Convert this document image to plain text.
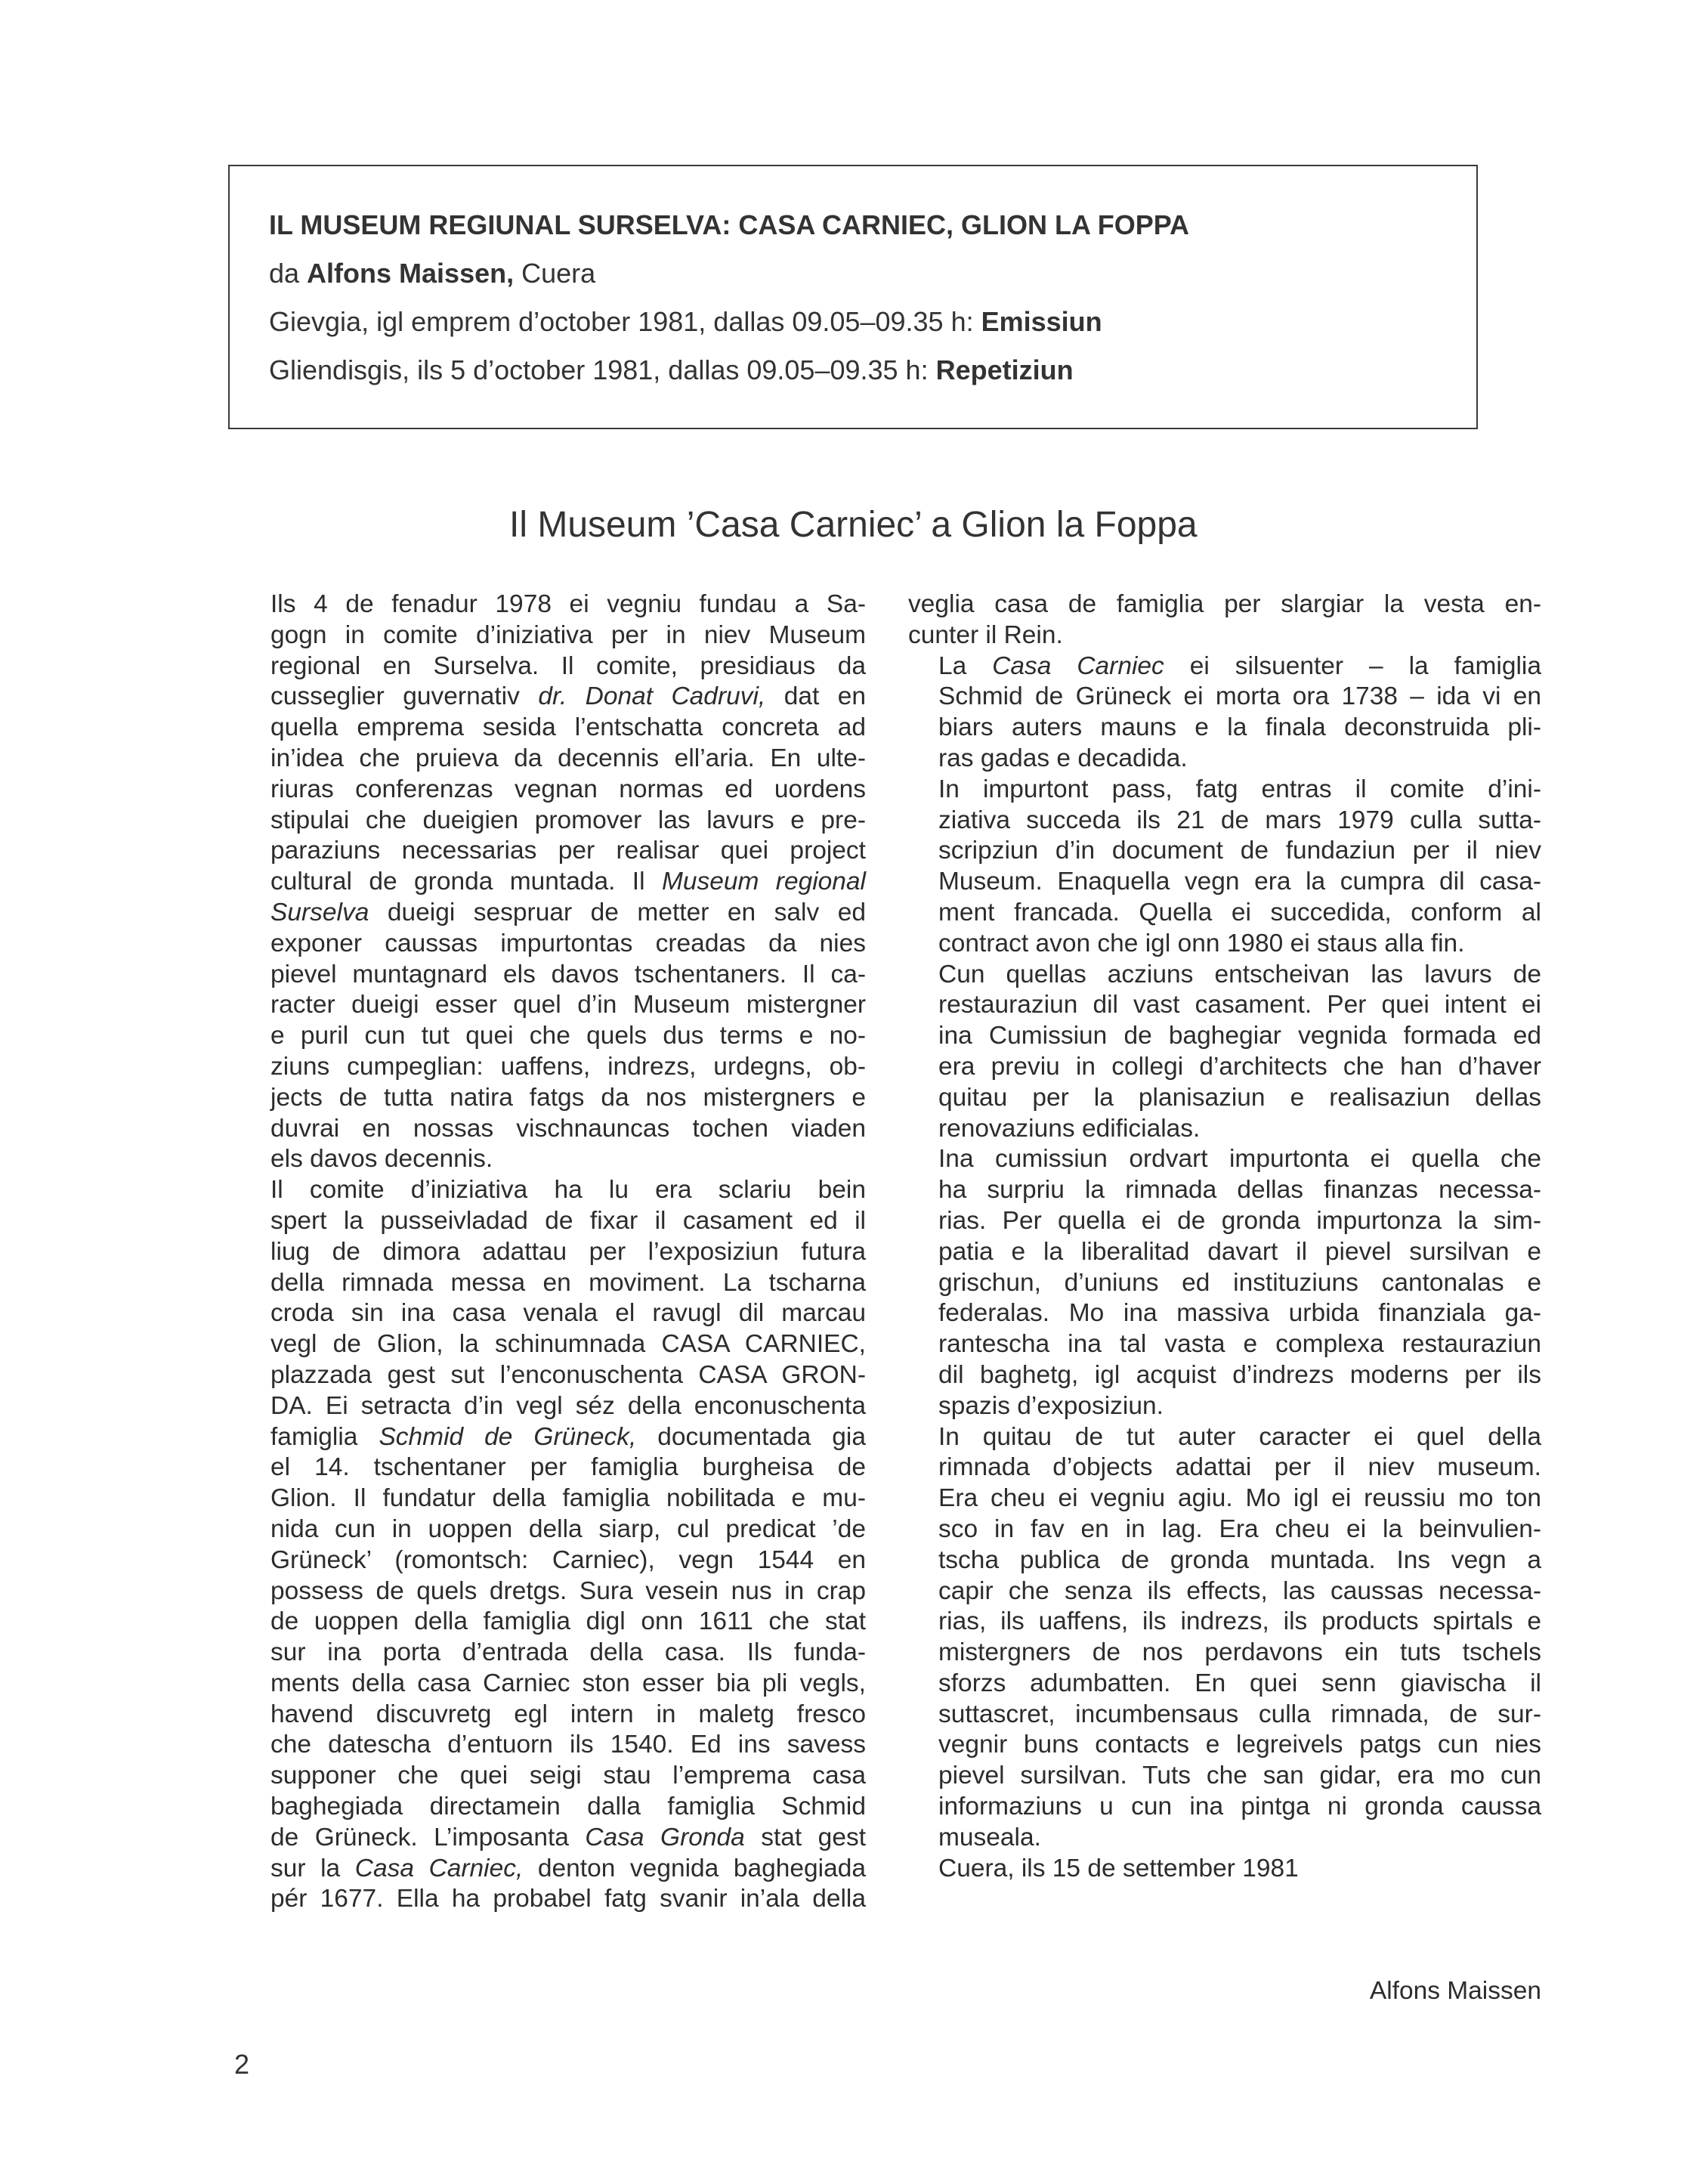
IL MUSEUM REGIUNAL SURSELVA: CASA CARNIEC, GLION LA FOPPA
da Alfons Maissen, Cuera
Gievgia, igl emprem d’october 1981, dallas 09.05–09.35 h: Emissiun
Gliendisgis, ils 5 d’october 1981, dallas 09.05–09.35 h: Repetiziun
Il Museum ’Casa Carniec’ a Glion la Foppa

Ils 4 de fenadur 1978 ei vegniu fundau a Sa-
gogn in comite d’iniziativa per in niev Museum
regional en Surselva. Il comite, presidiaus da
cusseglier guvernativ dr. Donat Cadruvi, dat en
quella emprema sesida l’entschatta concreta ad
in’idea che pruieva da decennis ell’aria. En ulte-
riuras conferenzas vegnan normas ed uordens
stipulai che dueigien promover las lavurs e pre-
paraziuns necessarias per realisar quei project
cultural de gronda muntada. Il Museum regional
Surselva dueigi sespruar de metter en salv ed
exponer caussas impurtontas creadas da nies
pievel muntagnard els davos tschentaners. Il ca-
racter dueigi esser quel d’in Museum mistergner
e puril cun tut quei che quels dus terms e no-
ziuns cumpeglian: uaffens, indrezs, urdegns, ob-
jects de tutta natira fatgs da nos mistergners e
duvrai en nossas vischnauncas tochen viaden
els davos decennis.

Il comite d’iniziativa ha lu era sclariu bein
spert la pusseivladad de fixar il casament ed il
liug de dimora adattau per l’exposiziun futura
della rimnada messa en moviment. La tscharna
croda sin ina casa venala el ravugl dil marcau
vegl de Glion, la schinumnada CASA CARNIEC,
plazzada gest sut l’enconuschenta CASA GRON-
DA. Ei setracta d’in vegl séz della enconuschenta
famiglia Schmid de Grüneck, documentada gia
el 14. tschentaner per famiglia burgheisa de
Glion. Il fundatur della famiglia nobilitada e mu-
nida cun in uoppen della siarp, cul predicat ’de
Grüneck’ (romontsch: Carniec), vegn 1544 en
possess de quels dretgs. Sura vesein nus in crap
de uoppen della famiglia digl onn 1611 che stat
sur ina porta d’entrada della casa. Ils funda-
ments della casa Carniec ston esser bia pli vegls,
havend discuvretg egl intern in maletg fresco
che datescha d’entuorn ils 1540. Ed ins savess
supponer che quei seigi stau l’emprema casa
baghegiada directamein dalla famiglia Schmid
de Grüneck. L’imposanta Casa Gronda stat gest
sur la Casa Carniec, denton vegnida baghegiada
pér 1677. Ella ha probabel fatg svanir in’ala della

veglia casa de famiglia per slargiar la vesta en-
cunter il Rein.

La Casa Carniec ei silsuenter – la famiglia
Schmid de Grüneck ei morta ora 1738 – ida vi en
biars auters mauns e la finala deconstruida pli-
ras gadas e decadida.

In impurtont pass, fatg entras il comite d’ini-
ziativa succeda ils 21 de mars 1979 culla sutta-
scripziun d’in document de fundaziun per il niev
Museum. Enaquella vegn era la cumpra dil casa-
ment francada. Quella ei succedida, conform al
contract avon che igl onn 1980 ei staus alla fin.

Cun quellas acziuns entscheivan las lavurs de
restauraziun dil vast casament. Per quei intent ei
ina Cumissiun de baghegiar vegnida formada ed
era previu in collegi d’architects che han d’haver
quitau per la planisaziun e realisaziun dellas
renovaziuns edificialas.

Ina cumissiun ordvart impurtonta ei quella che
ha surpriu la rimnada dellas finanzas necessa-
rias. Per quella ei de gronda impurtonza la sim-
patia e la liberalitad davart il pievel sursilvan e
grischun, d’uniuns ed instituziuns cantonalas e
federalas. Mo ina massiva urbida finanziala ga-
rantescha ina tal vasta e complexa restauraziun
dil baghetg, igl acquist d’indrezs moderns per ils
spazis d’exposiziun.

In quitau de tut auter caracter ei quel della
rimnada d’objects adattai per il niev museum.
Era cheu ei vegniu agiu. Mo igl ei reussiu mo ton
sco in fav en in lag. Era cheu ei la beinvulien-
tscha publica de gronda muntada. Ins vegn a
capir che senza ils effects, las caussas necessa-
rias, ils uaffens, ils indrezs, ils products spirtals e
mistergners de nos perdavons ein tuts tschels
sforzs adumbatten. En quei senn giavischa il
suttascret, incumbensaus culla rimnada, de sur-
vegnir buns contacts e legreivels patgs cun nies
pievel sursilvan. Tuts che san gidar, era mo cun
informaziuns u cun ina pintga ni gronda caussa
museala.

Cuera, ils 15 de settember 1981

Alfons Maissen
2
